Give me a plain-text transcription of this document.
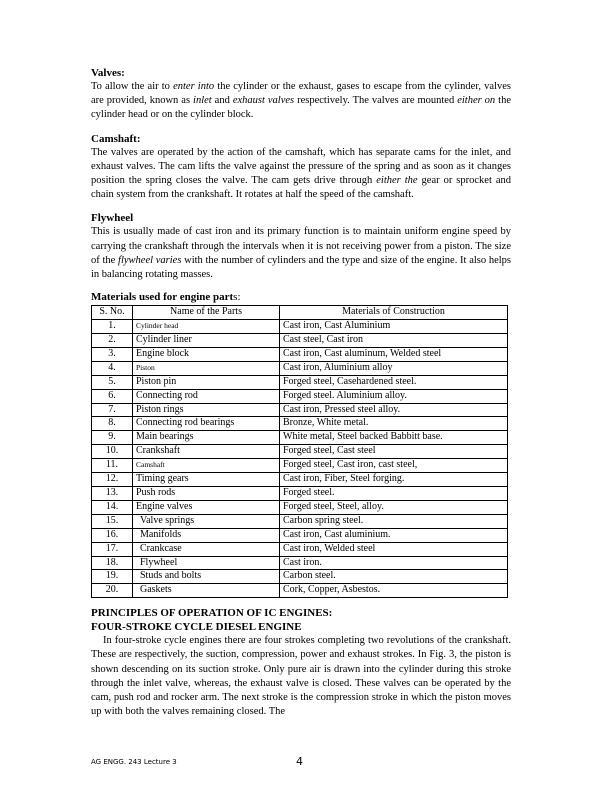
Valves:

To allow the air to enter into the cylinder or the exhaust, gases to escape from the cylinder, valves are provided, known as inlet and exhaust valves respectively. The valves are mounted either on the cylinder head or on the cylinder block.

Camshaft:

The valves are operated by the action of the camshaft, which has separate cams for the inlet, and exhaust valves. The cam lifts the valve against the pressure of the spring and as soon as it changes position the spring closes the valve. The cam gets drive through either the gear or sprocket and chain system from the crankshaft. It rotates at half the speed of the camshaft.

Flywheel

This is usually made of cast iron and its primary function is to maintain uniform engine speed by carrying the crankshaft through the intervals when it is not receiving power from a piston. The size of the flywheel varies with the number of cylinders and the type and size of the engine. It also helps in balancing rotating masses.

Materials used for engine parts:
S. No.	Name of the Parts	Materials of Construction
1.	Cylinder head	Cast iron, Cast Aluminium
2.	Cylinder liner	Cast steel, Cast iron
3.	Engine block	Cast iron, Cast aluminum, Welded steel
4.	Piston	Cast iron, Aluminium alloy
5.	Piston pin	Forged steel, Casehardened steel.
6.	Connecting rod	Forged steel. Aluminium alloy.
7.	Piston rings	Cast iron, Pressed steel alloy.
8.	Connecting rod bearings	Bronze, White metal.
9.	Main bearings	White metal, Steel backed Babbitt base.
10.	Crankshaft	Forged steel, Cast steel
11.	Camshaft	Forged steel, Cast iron, cast steel,
12.	Timing gears	Cast iron, Fiber, Steel forging.
13.	Push rods	Forged steel.
14.	Engine valves	Forged steel, Steel, alloy.
15.	Valve springs	Carbon spring steel.
16.	Manifolds	Cast iron, Cast aluminium.
17.	Crankcase	Cast iron, Welded steel
18.	Flywheel	Cast iron.
19.	Studs and bolts	Carbon steel.
20.	Gaskets	Cork, Copper, Asbestos.
PRINCIPLES OF OPERATION OF IC ENGINES:
FOUR-STROKE CYCLE DIESEL ENGINE

In four-stroke cycle engines there are four strokes completing two revolutions of the crankshaft. These are respectively, the suction, compression, power and exhaust strokes. In Fig. 3, the piston is shown descending on its suction stroke. Only pure air is drawn into the cylinder during this stroke through the inlet valve, whereas, the exhaust valve is closed. These valves can be operated by the cam, push rod and rocker arm. The next stroke is the compression stroke in which the piston moves up with both the valves remaining closed. The

AG ENGG. 243 Lecture 3	4
